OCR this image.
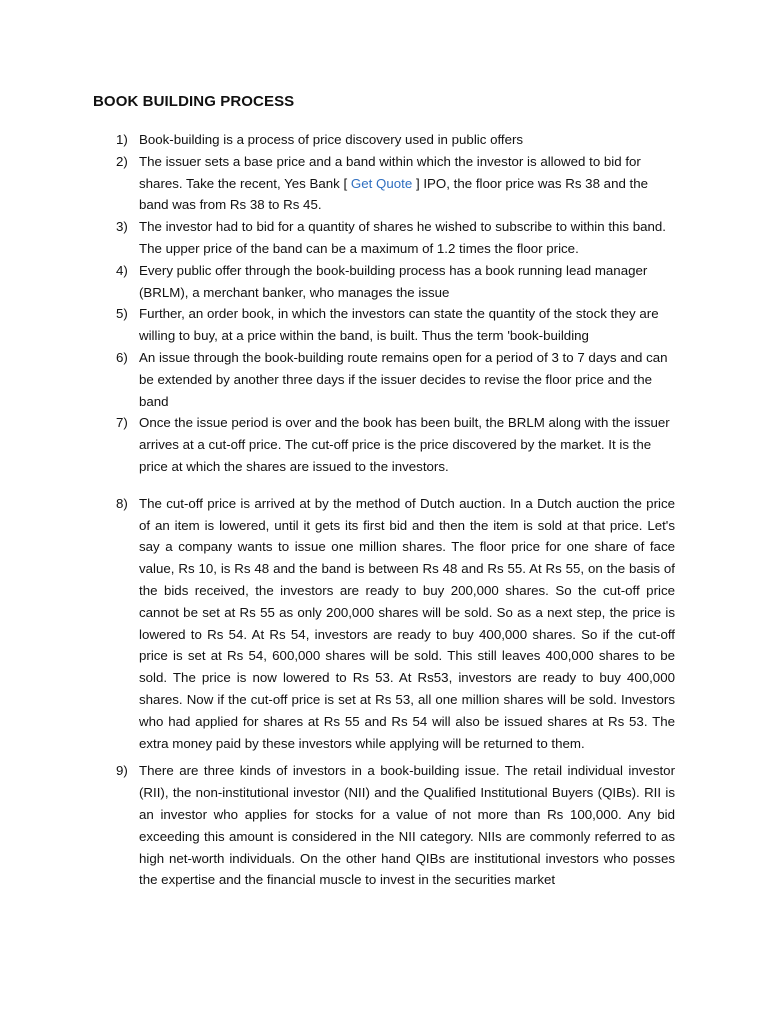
BOOK BUILDING PROCESS
1) Book-building is a process of price discovery used in public offers
2) The issuer sets a base price and a band within which the investor is allowed to bid for shares. Take the recent, Yes Bank [ Get Quote ] IPO, the floor price was Rs 38 and the band was from Rs 38 to Rs 45.
3) The investor had to bid for a quantity of shares he wished to subscribe to within this band. The upper price of the band can be a maximum of 1.2 times the floor price.
4) Every public offer through the book-building process has a book running lead manager (BRLM), a merchant banker, who manages the issue
5) Further, an order book, in which the investors can state the quantity of the stock they are willing to buy, at a price within the band, is built. Thus the term 'book-building
6) An issue through the book-building route remains open for a period of 3 to 7 days and can be extended by another three days if the issuer decides to revise the floor price and the band
7) Once the issue period is over and the book has been built, the BRLM along with the issuer arrives at a cut-off price. The cut-off price is the price discovered by the market. It is the price at which the shares are issued to the investors.
8) The cut-off price is arrived at by the method of Dutch auction. In a Dutch auction the price of an item is lowered, until it gets its first bid and then the item is sold at that price. Let's say a company wants to issue one million shares. The floor price for one share of face value, Rs 10, is Rs 48 and the band is between Rs 48 and Rs 55. At Rs 55, on the basis of the bids received, the investors are ready to buy 200,000 shares. So the cut-off price cannot be set at Rs 55 as only 200,000 shares will be sold. So as a next step, the price is lowered to Rs 54. At Rs 54, investors are ready to buy 400,000 shares. So if the cut-off price is set at Rs 54, 600,000 shares will be sold. This still leaves 400,000 shares to be sold. The price is now lowered to Rs 53. At Rs53, investors are ready to buy 400,000 shares. Now if the cut-off price is set at Rs 53, all one million shares will be sold. Investors who had applied for shares at Rs 55 and Rs 54 will also be issued shares at Rs 53. The extra money paid by these investors while applying will be returned to them.
9) There are three kinds of investors in a book-building issue. The retail individual investor (RII), the non-institutional investor (NII) and the Qualified Institutional Buyers (QIBs). RII is an investor who applies for stocks for a value of not more than Rs 100,000. Any bid exceeding this amount is considered in the NII category. NIIs are commonly referred to as high net-worth individuals. On the other hand QIBs are institutional investors who posses the expertise and the financial muscle to invest in the securities market
